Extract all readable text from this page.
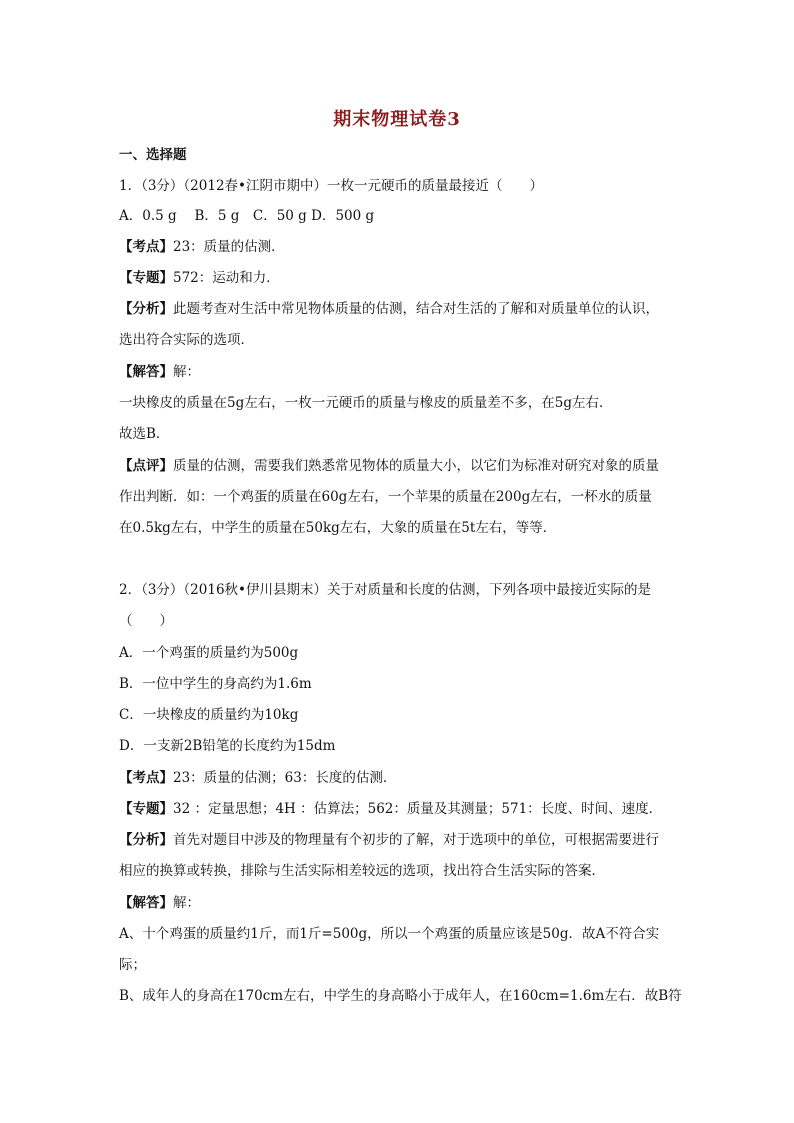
期末物理试卷3
一、选择题
1．（3分）（2012春•江阴市期中）一枚一元硬币的质量最接近（　　）
A．0.5 g　 B．5 g　C．50 g D．500 g
【考点】23：质量的估测．
【专题】572：运动和力．
【分析】此题考查对生活中常见物体质量的估测，结合对生活的了解和对质量单位的认识，
选出符合实际的选项．
【解答】解：
一块橡皮的质量在5g左右，一枚一元硬币的质量与橡皮的质量差不多，在5g左右．
故选B．
【点评】质量的估测，需要我们熟悉常见物体的质量大小，以它们为标准对研究对象的质量
作出判断．如：一个鸡蛋的质量在60g左右，一个苹果的质量在200g左右，一杯水的质量
在0.5kg左右，中学生的质量在50kg左右，大象的质量在5t左右，等等．
2．（3分）（2016秋•伊川县期末）关于对质量和长度的估测，下列各项中最接近实际的是
（　　）
A．一个鸡蛋的质量约为500g
B．一位中学生的身高约为1.6m
C．一块橡皮的质量约为10kg
D．一支新2B铅笔的长度约为15dm
【考点】23：质量的估测；63：长度的估测．
【专题】32 ：定量思想；4H ：估算法；562：质量及其测量；571：长度、时间、速度．
【分析】首先对题目中涉及的物理量有个初步的了解，对于选项中的单位，可根据需要进行
相应的换算或转换，排除与生活实际相差较远的选项，找出符合生活实际的答案．
【解答】解：
A、十个鸡蛋的质量约1斤，而1斤=500g，所以一个鸡蛋的质量应该是50g．故A不符合实
际；
B、成年人的身高在170cm左右，中学生的身高略小于成年人，在160cm=1.6m左右．故B符
